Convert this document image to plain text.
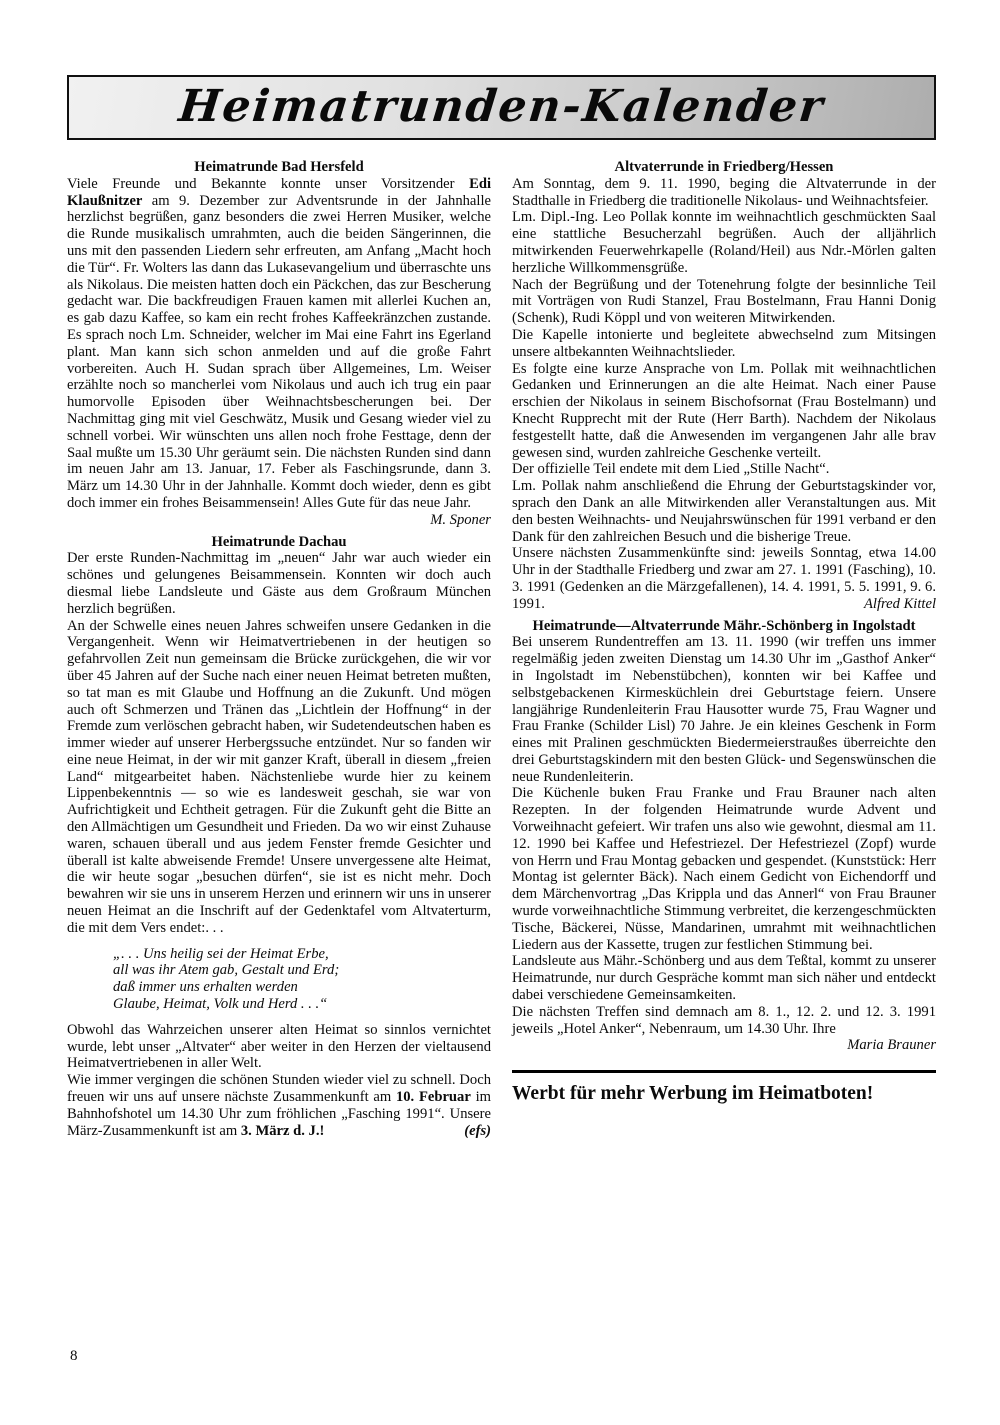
Heimatrunden-Kalender
Heimatrunde Bad Hersfeld

Viele Freunde und Bekannte konnte unser Vorsitzender Edi Klaußnitzer am 9. Dezember zur Adventsrunde in der Jahnhalle herzlichst begrüßen, ganz besonders die zwei Herren Musiker, welche die Runde musikalisch umrahmten, auch die beiden Sängerinnen, die uns mit den passenden Liedern sehr erfreuten, am Anfang „Macht hoch die Tür“. Fr. Wolters las dann das Lukasevangelium und überraschte uns als Nikolaus. Die meisten hatten doch ein Päckchen, das zur Bescherung gedacht war. Die backfreudigen Frauen kamen mit allerlei Kuchen an, es gab dazu Kaffee, so kam ein recht frohes Kaffeekränzchen zustande. Es sprach noch Lm. Schneider, welcher im Mai eine Fahrt ins Egerland plant. Man kann sich schon anmelden und auf die große Fahrt vorbereiten. Auch H. Sudan sprach über Allgemeines, Lm. Weiser erzählte noch so mancherlei vom Nikolaus und auch ich trug ein paar humorvolle Episoden über Weihnachtsbescherungen bei. Der Nachmittag ging mit viel Geschwätz, Musik und Gesang wieder viel zu schnell vorbei. Wir wünschten uns allen noch frohe Festtage, denn der Saal mußte um 15.30 Uhr geräumt sein. Die nächsten Runden sind dann im neuen Jahr am 13. Januar, 17. Feber als Faschingsrunde, dann 3. März um 14.30 Uhr in der Jahnhalle. Kommt doch wieder, denn es gibt doch immer ein frohes Beisammensein! Alles Gute für das neue Jahr.
M. Sponer

Heimatrunde Dachau

Der erste Runden-Nachmittag im „neuen“ Jahr war auch wieder ein schönes und gelungenes Beisammensein. Konnten wir doch auch diesmal liebe Landsleute und Gäste aus dem Großraum München herzlich begrüßen.

An der Schwelle eines neuen Jahres schweifen unsere Gedanken in die Vergangenheit. Wenn wir Heimatvertriebenen in der heutigen so gefahrvollen Zeit nun gemeinsam die Brücke zurückgehen, die wir vor über 45 Jahren auf der Suche nach einer neuen Heimat betreten mußten, so tat man es mit Glaube und Hoffnung an die Zukunft. Und mögen auch oft Schmerzen und Tränen das „Lichtlein der Hoffnung“ in der Fremde zum verlöschen gebracht haben, wir Sudetendeutschen haben es immer wieder auf unserer Herbergssuche entzündet. Nur so fanden wir eine neue Heimat, in der wir mit ganzer Kraft, überall in diesem „freien Land“ mitgearbeitet haben. Nächstenliebe wurde hier zu keinem Lippenbekenntnis — so wie es landesweit geschah, sie war von Aufrichtigkeit und Echtheit getragen. Für die Zukunft geht die Bitte an den Allmächtigen um Gesundheit und Frieden. Da wo wir einst Zuhause waren, schauen überall und aus jedem Fenster fremde Gesichter und überall ist kalte abweisende Fremde! Unsere unvergessene alte Heimat, die wir heute sogar „besuchen dürfen“, sie ist es nicht mehr. Doch bewahren wir sie uns in unserem Herzen und erinnern wir uns in unserer neuen Heimat an die Inschrift auf der Gedenktafel vom Altvaterturm, die mit dem Vers endet:. . .

„. . . Uns heilig sei der Heimat Erbe,
all was ihr Atem gab, Gestalt und Erd;
daß immer uns erhalten werden
Glaube, Heimat, Volk und Herd . . .“

Obwohl das Wahrzeichen unserer alten Heimat so sinnlos vernichtet wurde, lebt unser „Altvater“ aber weiter in den Herzen der vieltausend Heimatvertriebenen in aller Welt.

Wie immer vergingen die schönen Stunden wieder viel zu schnell. Doch freuen wir uns auf unsere nächste Zusammenkunft am 10. Februar im Bahnhofshotel um 14.30 Uhr zum fröhlichen „Fasching 1991“. Unsere März-Zusammenkunft ist am 3. März d. J.!	(efs)

Altvaterrunde in Friedberg/Hessen

Am Sonntag, dem 9. 11. 1990, beging die Altvaterrunde in der Stadthalle in Friedberg die traditionelle Nikolaus- und Weihnachtsfeier.

Lm. Dipl.-Ing. Leo Pollak konnte im weihnachtlich geschmückten Saal eine stattliche Besucherzahl begrüßen. Auch der alljährlich mitwirkenden Feuerwehrkapelle (Roland/Heil) aus Ndr.-Mörlen galten herzliche Willkommensgrüße.

Nach der Begrüßung und der Totenehrung folgte der besinnliche Teil mit Vorträgen von Rudi Stanzel, Frau Bostelmann, Frau Hanni Donig (Schenk), Rudi Köppl und von weiteren Mitwirkenden.

Die Kapelle intonierte und begleitete abwechselnd zum Mitsingen unsere altbekannten Weihnachtslieder.

Es folgte eine kurze Ansprache von Lm. Pollak mit weihnachtlichen Gedanken und Erinnerungen an die alte Heimat. Nach einer Pause erschien der Nikolaus in seinem Bischofsornat (Frau Bostelmann) und Knecht Rupprecht mit der Rute (Herr Barth). Nachdem der Nikolaus festgestellt hatte, daß die Anwesenden im vergangenen Jahr alle brav gewesen sind, wurden zahlreiche Geschenke verteilt.

Der offizielle Teil endete mit dem Lied „Stille Nacht“.

Lm. Pollak nahm anschließend die Ehrung der Geburtstagskinder vor, sprach den Dank an alle Mitwirkenden aller Veranstaltungen aus. Mit den besten Weihnachts- und Neujahrswünschen für 1991 verband er den Dank für den zahlreichen Besuch und die bisherige Treue.

Unsere nächsten Zusammenkünfte sind: jeweils Sonntag, etwa 14.00 Uhr in der Stadthalle Friedberg und zwar am 27. 1. 1991 (Fasching), 10. 3. 1991 (Gedenken an die Märzgefallenen), 14. 4. 1991, 5. 5. 1991, 9. 6. 1991.	Alfred Kittel

Heimatrunde—Altvaterrunde Mähr.-Schönberg in Ingolstadt

Bei unserem Rundentreffen am 13. 11. 1990 (wir treffen uns immer regelmäßig jeden zweiten Dienstag um 14.30 Uhr im „Gasthof Anker“ in Ingolstadt im Nebenstübchen), konnten wir bei Kaffee und selbstgebackenen Kirmesküchlein drei Geburtstage feiern. Unsere langjährige Rundenleiterin Frau Hausotter wurde 75, Frau Wagner und Frau Franke (Schilder Lisl) 70 Jahre. Je ein kleines Geschenk in Form eines mit Pralinen geschmückten Biedermeierstraußes überreichte den drei Geburtstagskindern mit den besten Glück- und Segenswünschen die neue Rundenleiterin.

Die Küchenle buken Frau Franke und Frau Brauner nach alten Rezepten. In der folgenden Heimatrunde wurde Advent und Vorweihnacht gefeiert. Wir trafen uns also wie gewohnt, diesmal am 11. 12. 1990 bei Kaffee und Hefestriezel. Der Hefestriezel (Zopf) wurde von Herrn und Frau Montag gebacken und gespendet. (Kunststück: Herr Montag ist gelernter Bäck). Nach einem Gedicht von Eichendorff und dem Märchenvortrag „Das Krippla und das Annerl“ von Frau Brauner wurde vorweihnachtliche Stimmung verbreitet, die kerzengeschmückten Tische, Bäckerei, Nüsse, Mandarinen, umrahmt mit weihnachtlichen Liedern aus der Kassette, trugen zur festlichen Stimmung bei.

Landsleute aus Mähr.-Schönberg und aus dem Teßtal, kommt zu unserer Heimatrunde, nur durch Gespräche kommt man sich näher und entdeckt dabei verschiedene Gemeinsamkeiten.

Die nächsten Treffen sind demnach am 8. 1., 12. 2. und 12. 3. 1991 jeweils „Hotel Anker“, Nebenraum, um 14.30 Uhr. Ihre
Maria Brauner

Werbt für mehr Werbung im Heimatboten!
8
